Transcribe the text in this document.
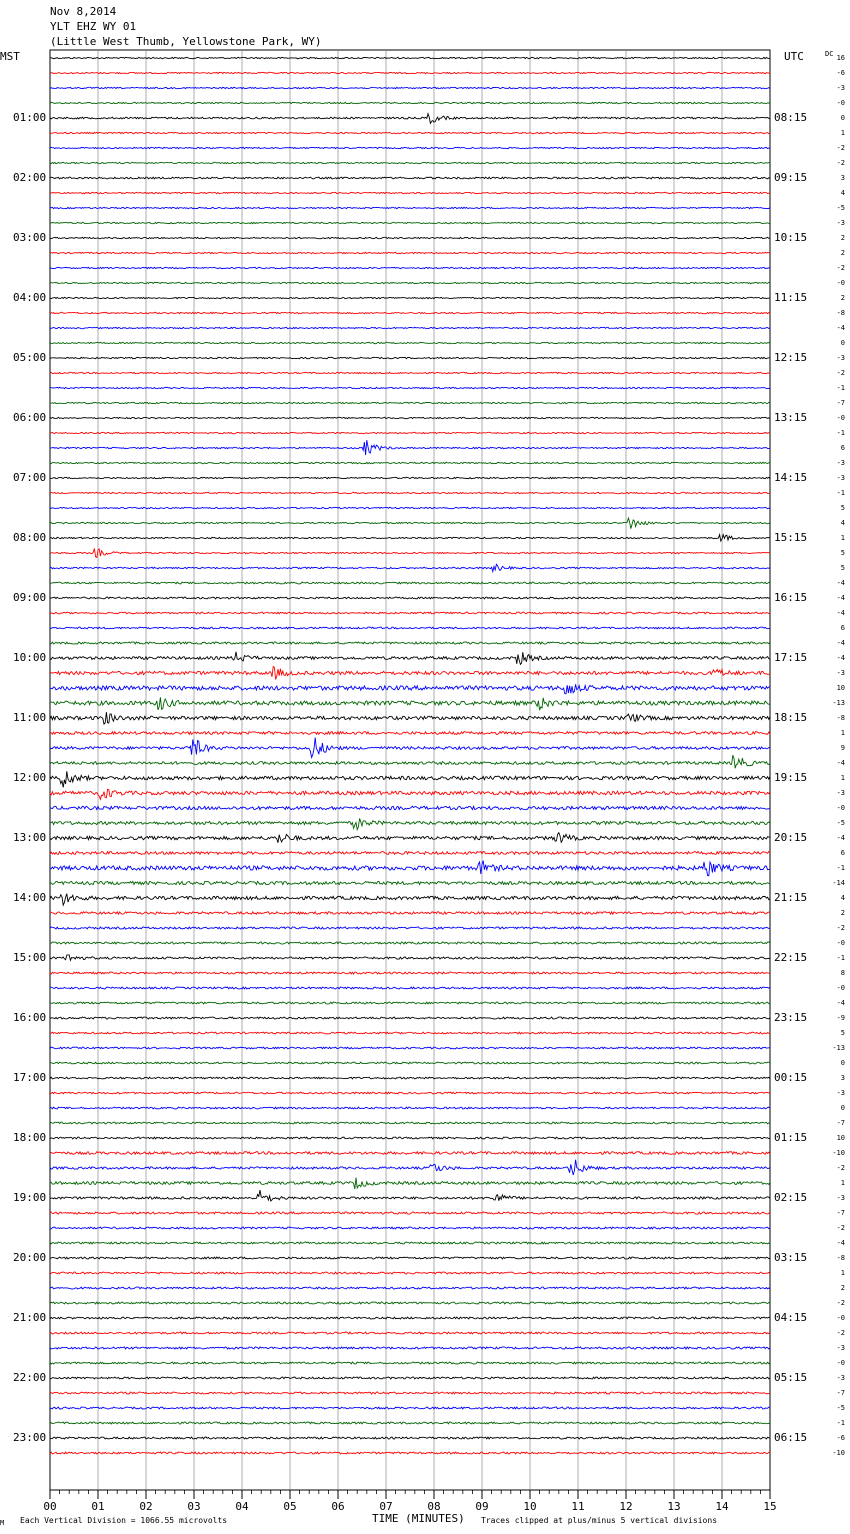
Nov 8,2014
YLT EHZ WY 01
(Little West Thumb, Yellowstone Park, WY)
MST	UTC	DC
01:00
02:00
03:00
04:00
05:00
06:00
07:00
08:00
09:00
10:00
11:00
12:00
13:00
14:00
15:00
16:00
17:00
18:00
19:00
20:00
21:00
22:00
23:00
08:15
09:15
10:15
11:15
12:15
13:15
14:15
15:15
16:15
17:15
18:15
19:15
20:15
21:15
22:15
23:15
00:15
01:15
02:15
03:15
04:15
05:15
06:15
16
-6
-3
-0
0
1
-2
-2
3
4
-5
-3
2
2
-2
-0
2
-8
-4
0
-3
-2
-1
-7
-0
-1
6
-3
-3
-1
5
4
1
5
5
-4
-4
-4
6
-4
-4
-3
10
-13
-8
1
9
-4
1
-3
-0
-5
-4
6
-1
-14
4
2
-2
-0
-1
8
-0
-4
-9
5
-13
0
3
-3
0
-7
10
-10
-2
1
-3
-7
-2
-4
-8
1
2
-2
-0
-2
-3
-0
-3
-7
-5
-1
-6
-10
00	01	02	03	04	05	06	07	08	09	10	11	12	13	14	15
TIME (MINUTES)
M Each Vertical Division = 1066.55 microvolts	Traces clipped at plus/minus 5 vertical divisions
